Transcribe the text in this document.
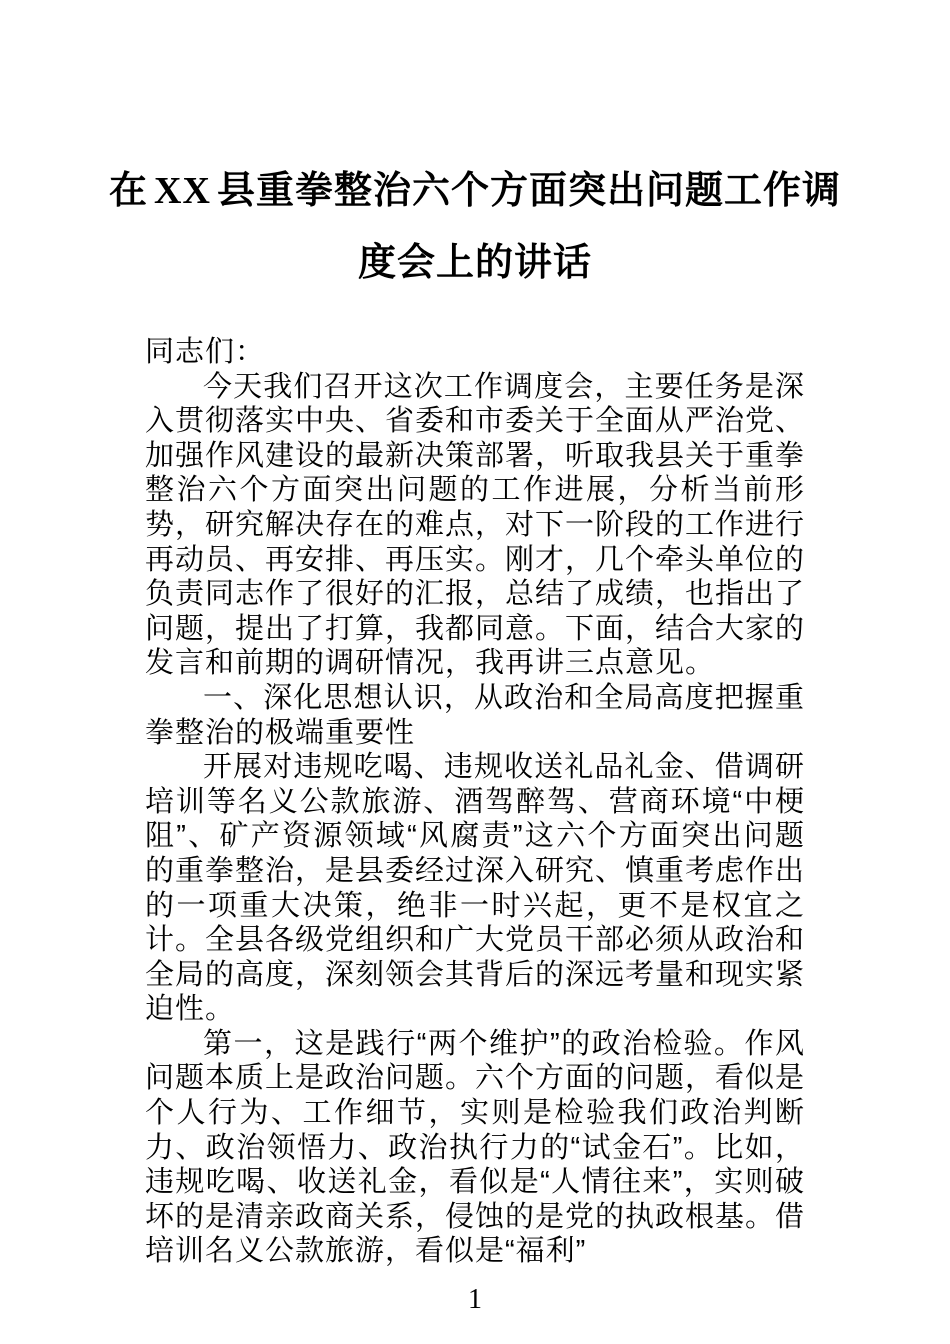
在 XX 县重拳整治六个方面突出问题工作调
度会上的讲话

同志们：

今天我们召开这次工作调度会，主要任务是深入贯彻落实中央、省委和市委关于全面从严治党、加强作风建设的最新决策部署，听取我县关于重拳整治六个方面突出问题的工作进展，分析当前形势，研究解决存在的难点，对下一阶段的工作进行再动员、再安排、再压实。刚才，几个牵头单位的负责同志作了很好的汇报，总结了成绩，也指出了问题，提出了打算，我都同意。下面，结合大家的发言和前期的调研情况，我再讲三点意见。

一、深化思想认识，从政治和全局高度把握重拳整治的极端重要性

开展对违规吃喝、违规收送礼品礼金、借调研培训等名义公款旅游、酒驾醉驾、营商环境“中梗阻”、矿产资源领域“风腐责”这六个方面突出问题的重拳整治，是县委经过深入研究、慎重考虑作出的一项重大决策，绝非一时兴起，更不是权宜之计。全县各级党组织和广大党员干部必须从政治和全局的高度，深刻领会其背后的深远考量和现实紧迫性。

第一，这是践行“两个维护”的政治检验。作风问题本质上是政治问题。六个方面的问题，看似是个人行为、工作细节，实则是检验我们政治判断力、政治领悟力、政治执行力的“试金石”。比如，违规吃喝、收送礼金，看似是“人情往来”，实则破坏的是清亲政商关系，侵蚀的是党的执政根基。借培训名义公款旅游，看似是“福利”

1
